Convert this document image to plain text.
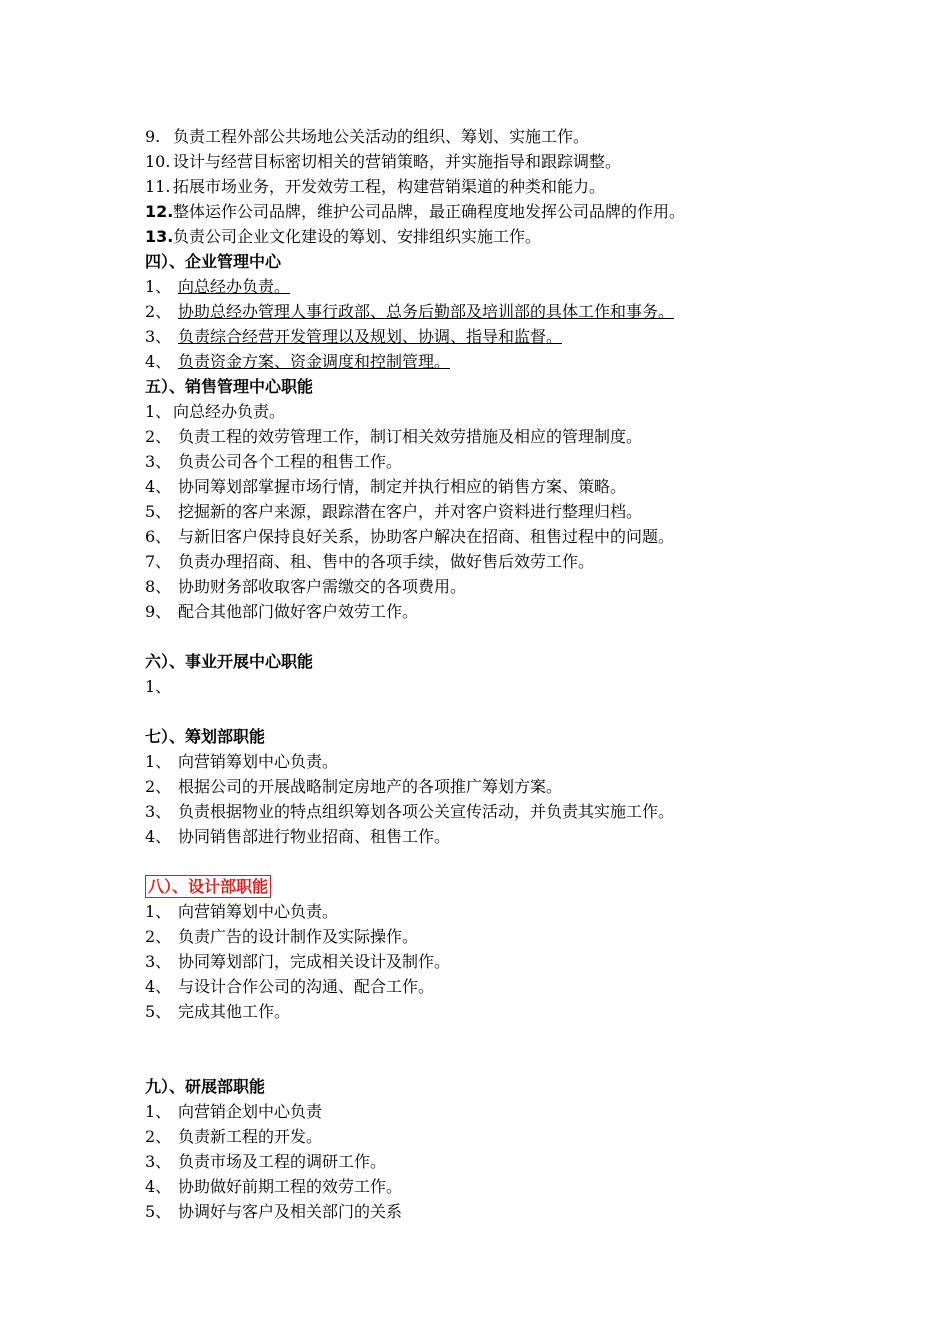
9. 负责工程外部公共场地公关活动的组织、筹划、实施工作。
10. 设计与经营目标密切相关的营销策略，并实施指导和跟踪调整。
11. 拓展市场业务，开发效劳工程，构建营销渠道的种类和能力。
12.整体运作公司品牌，维护公司品牌，最正确程度地发挥公司品牌的作用。
13.负责公司企业文化建设的筹划、安排组织实施工作。
四）、企业管理中心
1、 向总经办负责。
2、 协助总经办管理人事行政部、总务后勤部及培训部的具体工作和事务。
3、 负责综合经营开发管理以及规划、协调、指导和监督。
4、 负责资金方案、资金调度和控制管理。
五）、销售管理中心职能
1、 向总经办负责。
2、 负责工程的效劳管理工作，制订相关效劳措施及相应的管理制度。
3、 负责公司各个工程的租售工作。
4、 协同筹划部掌握市场行情，制定并执行相应的销售方案、策略。
5、 挖掘新的客户来源，跟踪潜在客户，并对客户资料进行整理归档。
6、 与新旧客户保持良好关系，协助客户解决在招商、租售过程中的问题。
7、 负责办理招商、租、售中的各项手续，做好售后效劳工作。
8、 协助财务部收取客户需缴交的各项费用。
9、 配合其他部门做好客户效劳工作。
六）、事业开展中心职能
1、
七）、筹划部职能
1、 向营销筹划中心负责。
2、 根据公司的开展战略制定房地产的各项推广筹划方案。
3、 负责根据物业的特点组织筹划各项公关宣传活动，并负责其实施工作。
4、 协同销售部进行物业招商、租售工作。
八）、设计部职能
1、 向营销筹划中心负责。
2、 负责广告的设计制作及实际操作。
3、 协同筹划部门，完成相关设计及制作。
4、 与设计合作公司的沟通、配合工作。
5、 完成其他工作。
九）、研展部职能
1、 向营销企划中心负责
2、 负责新工程的开发。
3、 负责市场及工程的调研工作。
4、 协助做好前期工程的效劳工作。
5、 协调好与客户及相关部门的关系
